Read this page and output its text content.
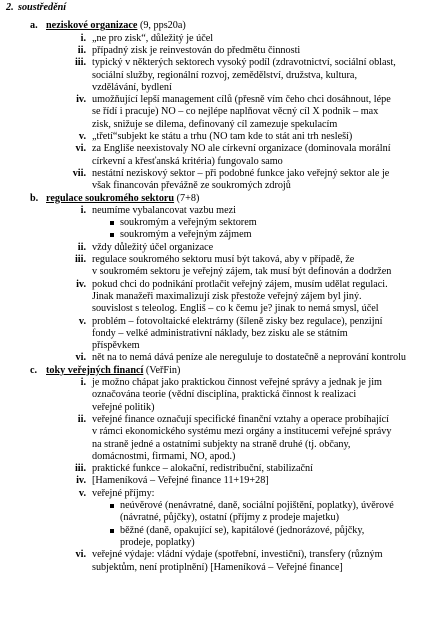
2. soustředění
a. neziskové organizace (9, pps20a)
i. „ne pro zisk“, důležitý je účel
ii. případný zisk je reinvestován do předmětu činnosti
iii. typický v některých sektorech vysoký podíl (zdravotnictví, sociální oblast,
sociální služby, regionální rozvoj, zemědělství, družstva, kultura,
vzdělávání, bydlení
iv. umožňující lepší management cílů (přesně vím čeho chci dosáhnout, lépe
se řídí i pracuje) NO – co nejlépe naplňovat věcný cíl X podnik – max
zisk, snižuje se dilema, definovaný cíl zamezuje spekulacím
v. „třetí“subjekt ke státu a trhu (NO tam kde to stát ani trh nesleší)
vi. za Engliše neexistovaly NO ale církevní organizace (dominovala morální
církevní a křesťanská kritéria) fungovalo samo
vii. nestátní neziskový sektor – při podobné funkce jako veřejný sektor ale je
však financován převážně ze soukromých zdrojů
b. regulace soukromého sektoru (7+8)
i. neumíme vybalancovat vazbu mezi
soukromým a veřejným sektorem
soukromým a veřejným zájmem
ii. vždy důležitý účel organizace
iii. regulace soukromého sektoru musí být taková, aby v případě, že
v soukromém sektoru je veřejný zájem, tak musí být definován a dodržen
iv. pokud chci do podnikání protlačit veřejný zájem, musím udělat regulaci.
Jinak manažeři maximalizují zisk přestože veřejný zájem byl jiný.
souvislost s teleolog. Engliš – co k čemu je? jinak to nemá smysl, účel
v. problém – fotovoltaické elektrárny (šíleně zisky bez regulace), penzijní
fondy – velké administrativní náklady, bez zisku ale se státním
příspěvkem
vi. nět na to nemá dává peníze ale nereguluje to dostatečně a neprování kontrolu
c. toky veřejných financí (VeřFin)
i. je možno chápat jako praktickou činnost veřejné správy a jednak je jim
označována teorie (vědní disciplína, praktická činnost k realizaci
veřejné politik)
ii. veřejné finance označují specifické finanční vztahy a operace probíhající
v rámci ekonomického systému mezi orgány a institucemi veřejné správy
na straně jedné a ostatními subjekty na straně druhé (tj. občany,
domácnostmi, firmami, NO, apod.)
iii. praktické funkce – alokační, redistribuční, stabilizační
iv. [Hameníková – Veřejné finance 11+19+28]
v. veřejné příjmy:
neúvěrové (nenávratné, daně, sociální pojištění, poplatky), úvěrové
(návratné, půjčky), ostatní (příjmy z prodeje majetku)
běžné (daně, opakující se), kapitálové (jednorázové, půjčky,
prodeje, poplatky)
vi. veřejné výdaje: vládní výdaje (spotřební, investiční), transfery (různým
subjektům, není protiplnění) [Hameníková – Veřejné finance]
